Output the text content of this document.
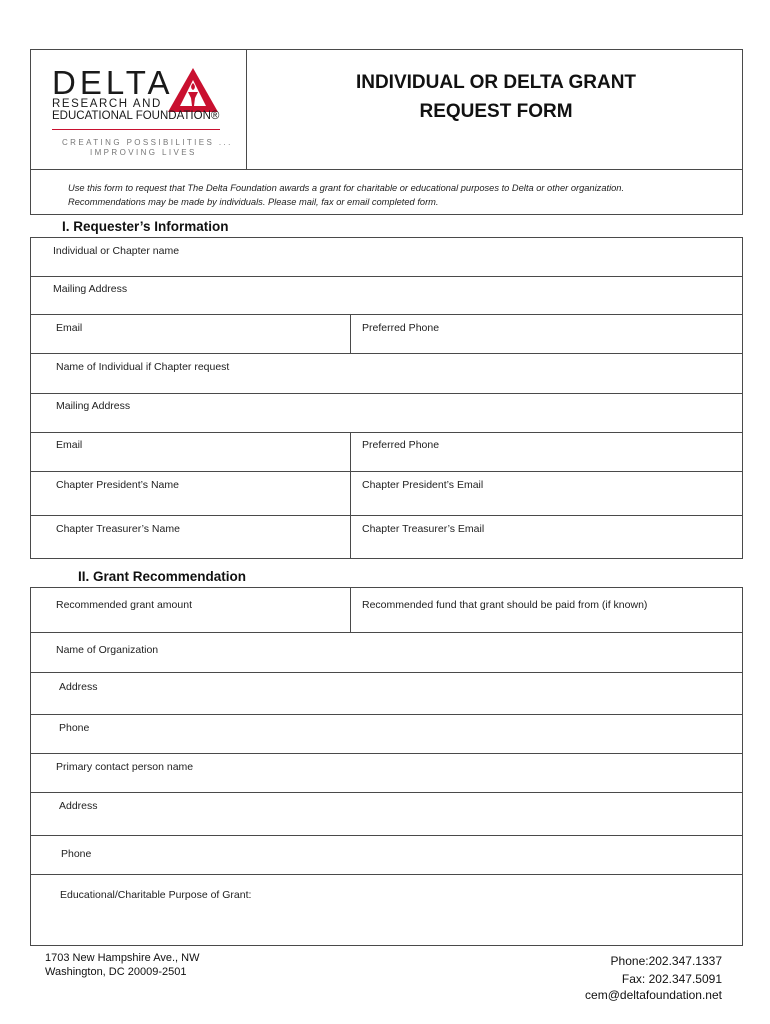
DELTA
RESEARCH AND
EDUCATIONAL FOUNDATION®
CREATING POSSIBILITIES ...
IMPROVING LIVES
INDIVIDUAL OR DELTA GRANT
REQUEST FORM
Use this form to request that The Delta Foundation awards a grant for charitable or educational purposes to Delta or other organization.
Recommendations may be made by individuals. Please mail, fax or email completed form.
I. Requester’s Information
Individual or Chapter name
Mailing Address
Email	Preferred Phone
Name of Individual if Chapter request
Mailing Address
Email	Preferred Phone
Chapter President’s Name	Chapter President’s Email
Chapter Treasurer’s Name	Chapter Treasurer’s Email
II. Grant Recommendation
Recommended grant amount	Recommended fund that grant should be paid from (if known)
Name of Organization
Address
Phone
Primary contact person name
Address
Phone
Educational/Charitable Purpose of Grant:
1703 New Hampshire Ave., NW
Washington, DC 20009-2501
Phone:202.347.1337
Fax: 202.347.5091
cem@deltafoundation.net
